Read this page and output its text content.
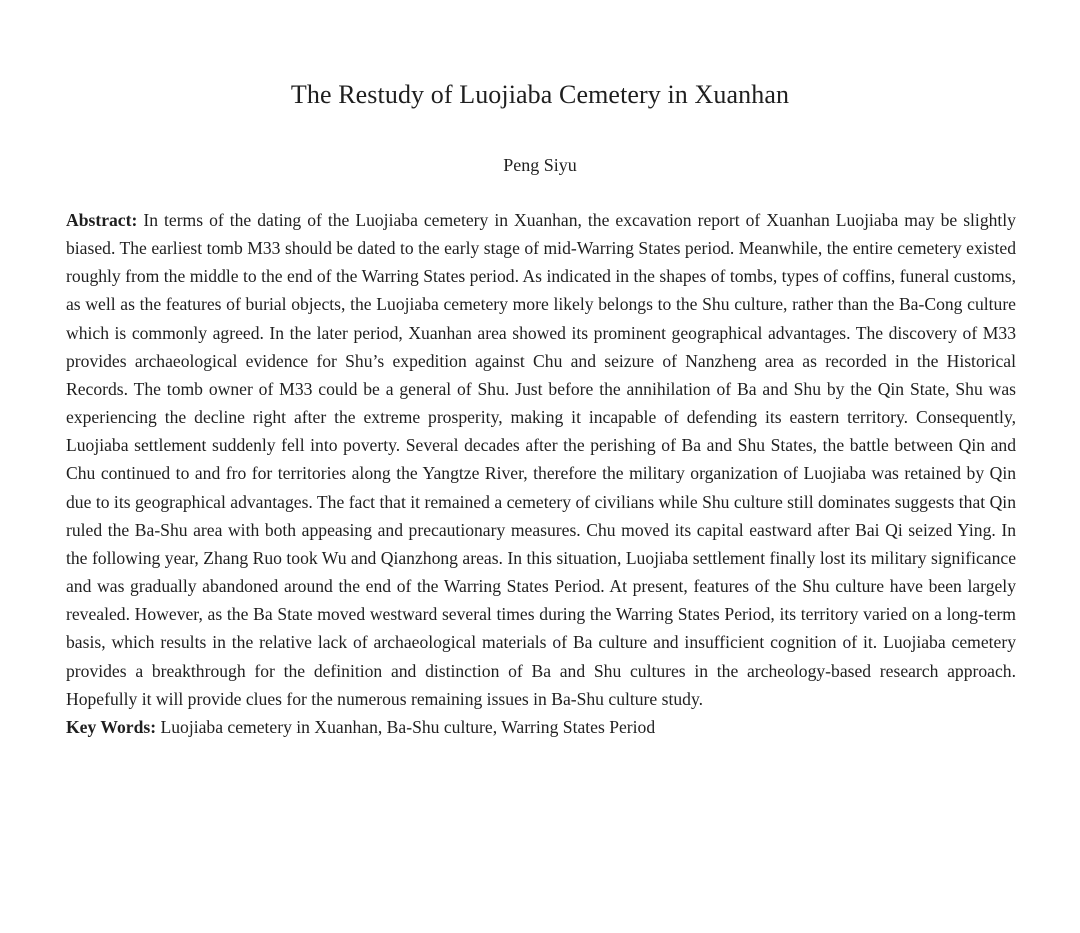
The Restudy of Luojiaba Cemetery in Xuanhan

Peng Siyu

Abstract: In terms of the dating of the Luojiaba cemetery in Xuanhan, the excavation report of Xuanhan Luojiaba may be slightly biased. The earliest tomb M33 should be dated to the early stage of mid-Warring States period. Meanwhile, the entire cemetery existed roughly from the middle to the end of the Warring States period. As indicated in the shapes of tombs, types of coffins, funeral customs, as well as the features of burial objects, the Luojiaba cemetery more likely belongs to the Shu culture, rather than the Ba-Cong culture which is commonly agreed. In the later period, Xuanhan area showed its prominent geographical advantages. The discovery of M33 provides archaeological evidence for Shu’s expedition against Chu and seizure of Nanzheng area as recorded in the Historical Records. The tomb owner of M33 could be a general of Shu. Just before the annihilation of Ba and Shu by the Qin State, Shu was experiencing the decline right after the extreme prosperity, making it incapable of defending its eastern territory. Consequently, Luojiaba settlement suddenly fell into poverty. Several decades after the perishing of Ba and Shu States, the battle between Qin and Chu continued to and fro for territories along the Yangtze River, therefore the military organization of Luojiaba was retained by Qin due to its geographical advantages. The fact that it remained a cemetery of civilians while Shu culture still dominates suggests that Qin ruled the Ba-Shu area with both appeasing and precautionary measures. Chu moved its capital eastward after Bai Qi seized Ying. In the following year, Zhang Ruo took Wu and Qianzhong areas. In this situation, Luojiaba settlement finally lost its military significance and was gradually abandoned around the end of the Warring States Period. At present, features of the Shu culture have been largely revealed. However, as the Ba State moved westward several times during the Warring States Period, its territory varied on a long-term basis, which results in the relative lack of archaeological materials of Ba culture and insufficient cognition of it. Luojiaba cemetery provides a breakthrough for the definition and distinction of Ba and Shu cultures in the archeology-based research approach. Hopefully it will provide clues for the numerous remaining issues in Ba-Shu culture study.

Key Words: Luojiaba cemetery in Xuanhan, Ba-Shu culture, Warring States Period
